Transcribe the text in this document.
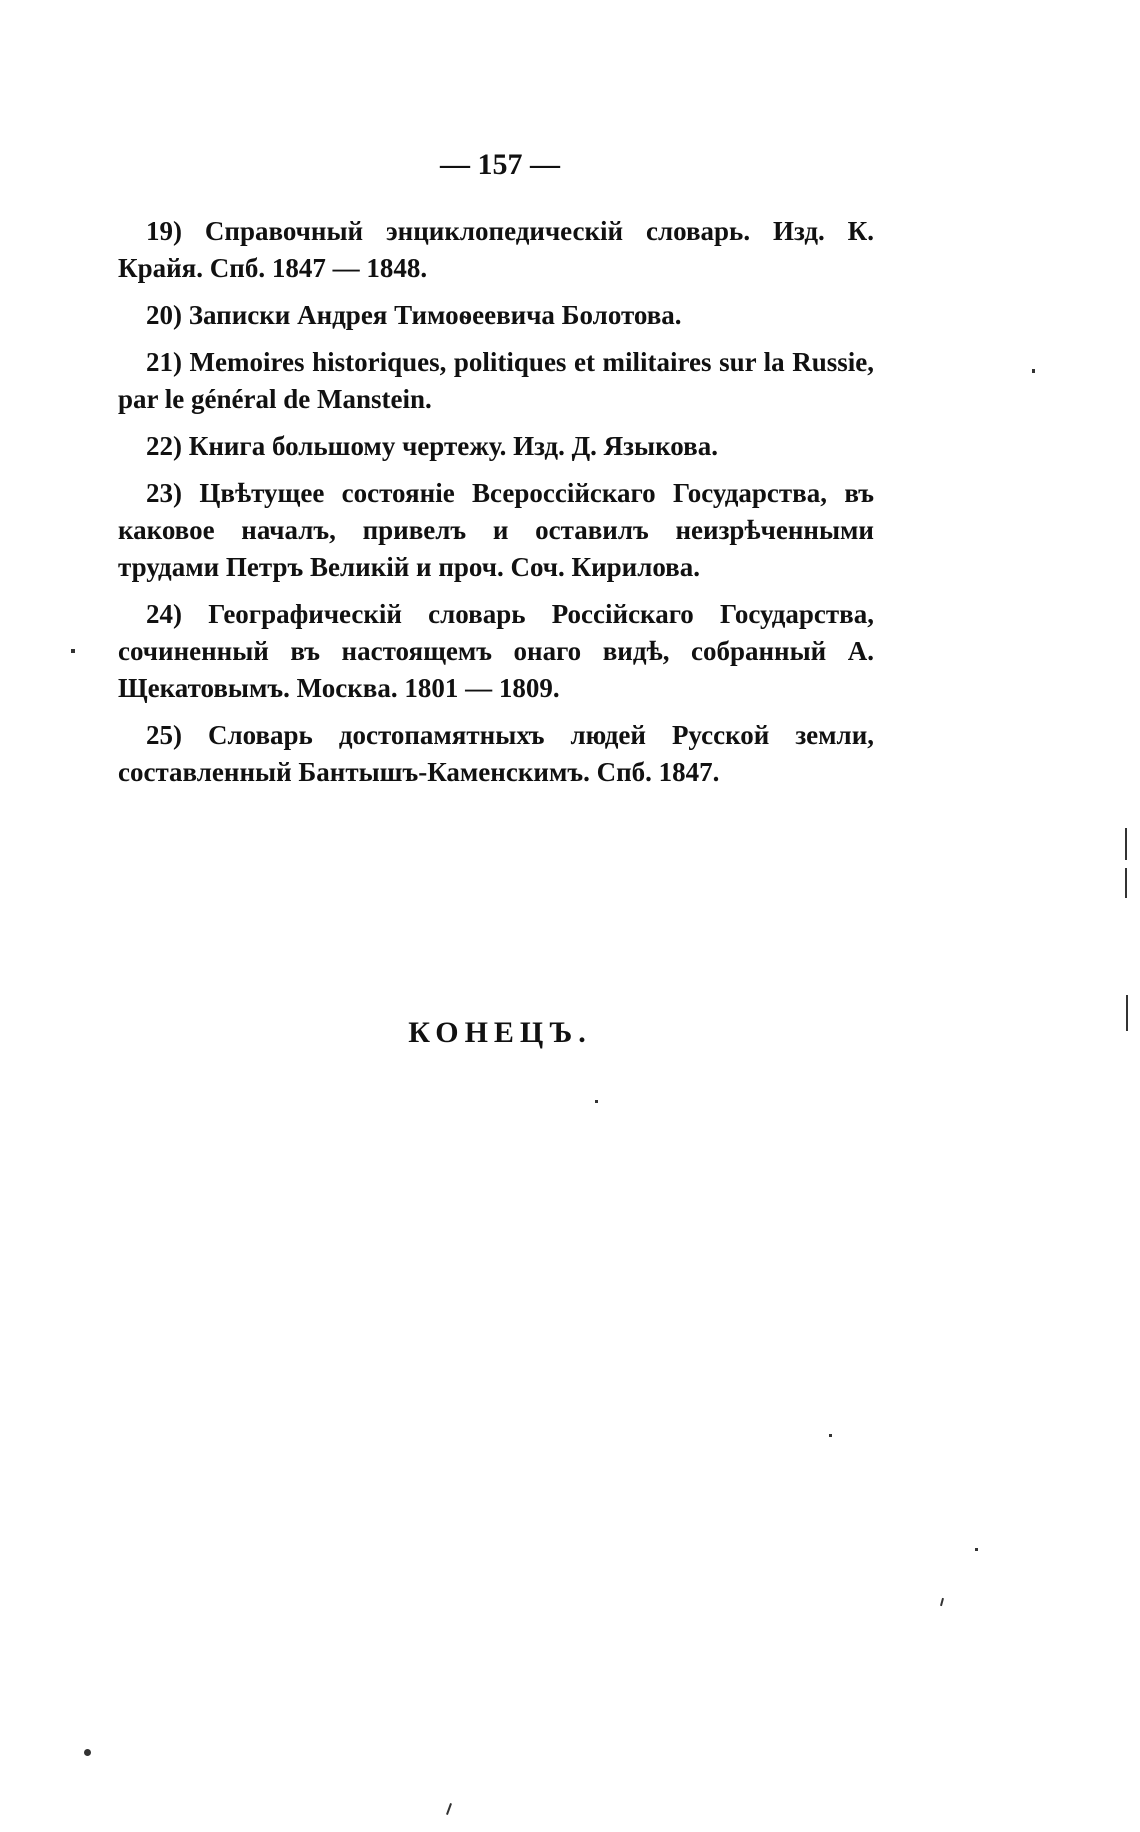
— 157 —

19) Справочный энциклопедическій словарь. Изд. К. Крайя. Спб. 1847 — 1848.

20) Записки Андрея Тимоѳеевича Болотова.

21) Memoires historiques, politiques et militaires sur la Russie, par le général de Manstein.

22) Книга большому чертежу. Изд. Д. Языкова.

23) Цвѣтущее состояніе Всероссійскаго Государства, въ каковое началъ, привелъ и оставилъ неизрѣченными трудами Петръ Великій и проч. Соч. Кирилова.

24) Географическій словарь Россійскаго Государства, сочиненный въ настоящемъ онаго видѣ, собранный А. Щекатовымъ. Москва. 1801 — 1809.

25) Словарь достопамятныхъ людей Русской земли, составленный Бантышъ-Каменскимъ. Спб. 1847.

КОНЕЦЪ.
